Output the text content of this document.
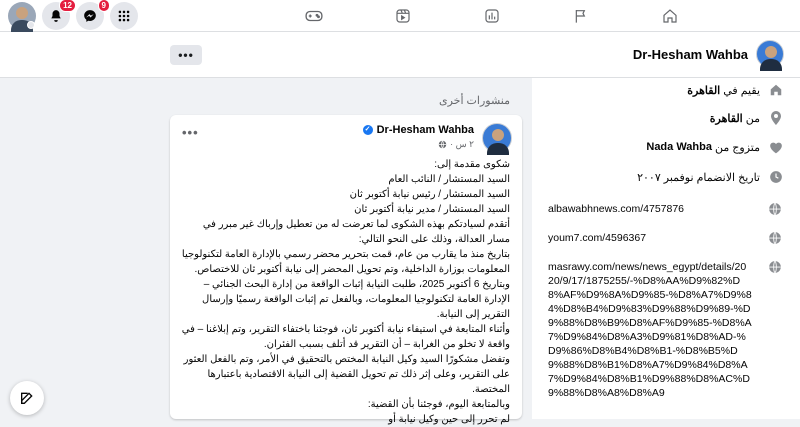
12	9
•••	Dr-Hesham Wahba
يقيم في
القاهرة
من
القاهرة
متزوج من
Nada Wahba
تاريخ الانضمام نوفمبر ٢٠٠٧
albawabhnews.com/4757876
youm7.com/4596367
masrawy.com/news/news_egypt/details/2020/9/17/1875255/-%D8%AA%D9%82%D8%AF%D9%8A%D9%85-%D8%A7%D9%84%D8%B4%D9%83%D9%88%D9%89-%D9%88%D8%B9%D8%AF%D9%85-%D8%A7%D9%84%D8%A3%D9%81%D8%AD-%D9%86%D8%B4%D8%B1-%D8%B5%D9%88%D8%B1%D8%A7%D9%84%D8%A7%D9%84%D8%B1%D9%88%D8%AC%D9%88%D8%A8%D8%A9
منشورات أخرى
•••	✓ Dr-Hesham Wahba
٢ س ·

شكوى مقدمة إلى:

السيد المستشار / النائب العام

السيد المستشار / رئيس نيابة أكتوبر ثان

السيد المستشار / مدير نيابة أكتوبر ثان

أتقدم لسيادتكم بهذه الشكوى لما تعرضت له من تعطيل وإرباك غير مبرر في مسار العدالة، وذلك على النحو التالي:

بتاريخ منذ ما يقارب من عام، قمت بتحرير محضر رسمي بالإدارة العامة لتكنولوجيا المعلومات بوزارة الداخلية، وتم تحويل المحضر إلى نيابة أكتوبر ثان للاختصاص.

وبتاريخ 6 أكتوبر 2025، طلبت النيابة إثبات الواقعة من إدارة البحث الجنائي – الإدارة العامة لتكنولوجيا المعلومات، وبالفعل تم إثبات الواقعة رسميًا وإرسال التقرير إلى النيابة.

وأثناء المتابعة في استيفاء نيابة أكتوبر ثان، فوجئنا باختفاء التقرير، وتم إبلاغنا – في واقعة لا تخلو من الغرابة – أن التقرير قد أتلف بسبب الفئران.

وتفضل مشكورًا السيد وكيل النيابة المختص بالتحقيق في الأمر، وتم بالفعل العثور على التقرير، وعلى إثر ذلك تم تحويل القضية إلى النيابة الاقتصادية باعتبارها المختصة.

وبالمتابعة اليوم، فوجئنا بأن القضية:

لم تحرر إلى حين وكيل نيابة أو
